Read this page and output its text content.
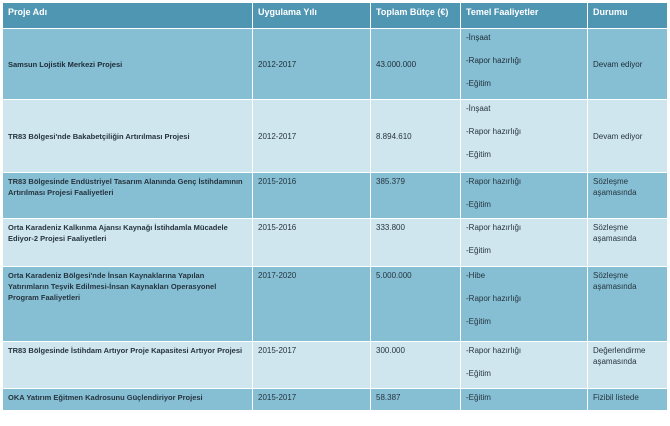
Proje Adı	Uygulama Yılı	Toplam Bütçe (€)	Temel Faaliyetler	Durumu
Samsun Lojistik Merkezi Projesi	2012-2017	43.000.000	-İnşaat
-Rapor hazırlığı
-Eğitim	Devam ediyor
TR83 Bölgesi'nde Bakabetçiliğin Artırılması Projesi	2012-2017	8.894.610	-İnşaat
-Rapor hazırlığı
-Eğitim	Devam ediyor
TR83 Bölgesinde Endüstriyel Tasarım Alanında Genç İstihdamının Artırılması Projesi Faaliyetleri	2015-2016	385.379	-Rapor hazırlığı
-Eğitim	Sözleşme aşamasında
Orta Karadeniz Kalkınma Ajansı Kaynağı İstihdamla Mücadele Ediyor-2 Projesi Faaliyetleri	2015-2016	333.800	-Rapor hazırlığı
-Eğitim	Sözleşme aşamasında
Orta Karadeniz Bölgesi'nde İnsan Kaynaklarına Yapılan Yatırımların Teşvik Edilmesi-İnsan Kaynakları Operasyonel Program Faaliyetleri	2017-2020	5.000.000	-Hibe
-Rapor hazırlığı
-Eğitim	Sözleşme aşamasında
TR83 Bölgesinde İstihdam Artıyor Proje Kapasitesi Artıyor Projesi	2015-2017	300.000	-Rapor hazırlığı
-Eğitim	Değerlendirme aşamasında
OKA Yatırım Eğitmen Kadrosunu Güçlendiriyor Projesi	2015-2017	58.387	-Eğitim	Fizibil listede
